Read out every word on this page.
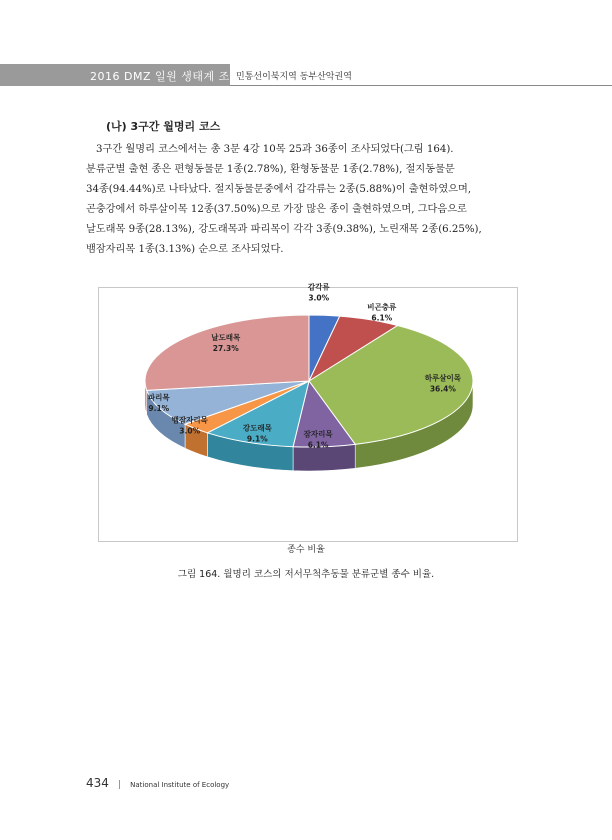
2016 DMZ 일원 생태계 조사
민통선이북지역 동부산악권역
(나) 3구간 월명리 코스
3구간 월명리 코스에서는 총 3문 4강 10목 25과 36종이 조사되었다(그림 164).
분류군별 출현 종은 편형동물문 1종(2.78%), 환형동물문 1종(2.78%), 절지동물문
34종(94.44%)로 나타났다. 절지동물문중에서 갑각류는 2종(5.88%)이 출현하였으며,
곤충강에서 하루살이목 12종(37.50%)으로 가장 많은 종이 출현하였으며, 그다음으로
날도래목 9종(28.13%), 강도래목과 파리목이 각각 3종(9.38%), 노린재목 2종(6.25%),
뱀잠자리목 1종(3.13%) 순으로 조사되었다.
갑각류
3.0%
비곤충류
6.1%
하루살이목
36.4%
잠자리목
6.1%
강도래목
9.1%
뱀잠자리목
3.0%
파리목
9.1%
날도래목
27.3%
종수 비율
그림 164. 월명리 코스의 저서무척추동물 분류군별 종수 비율.
434 | National Institute of Ecology
